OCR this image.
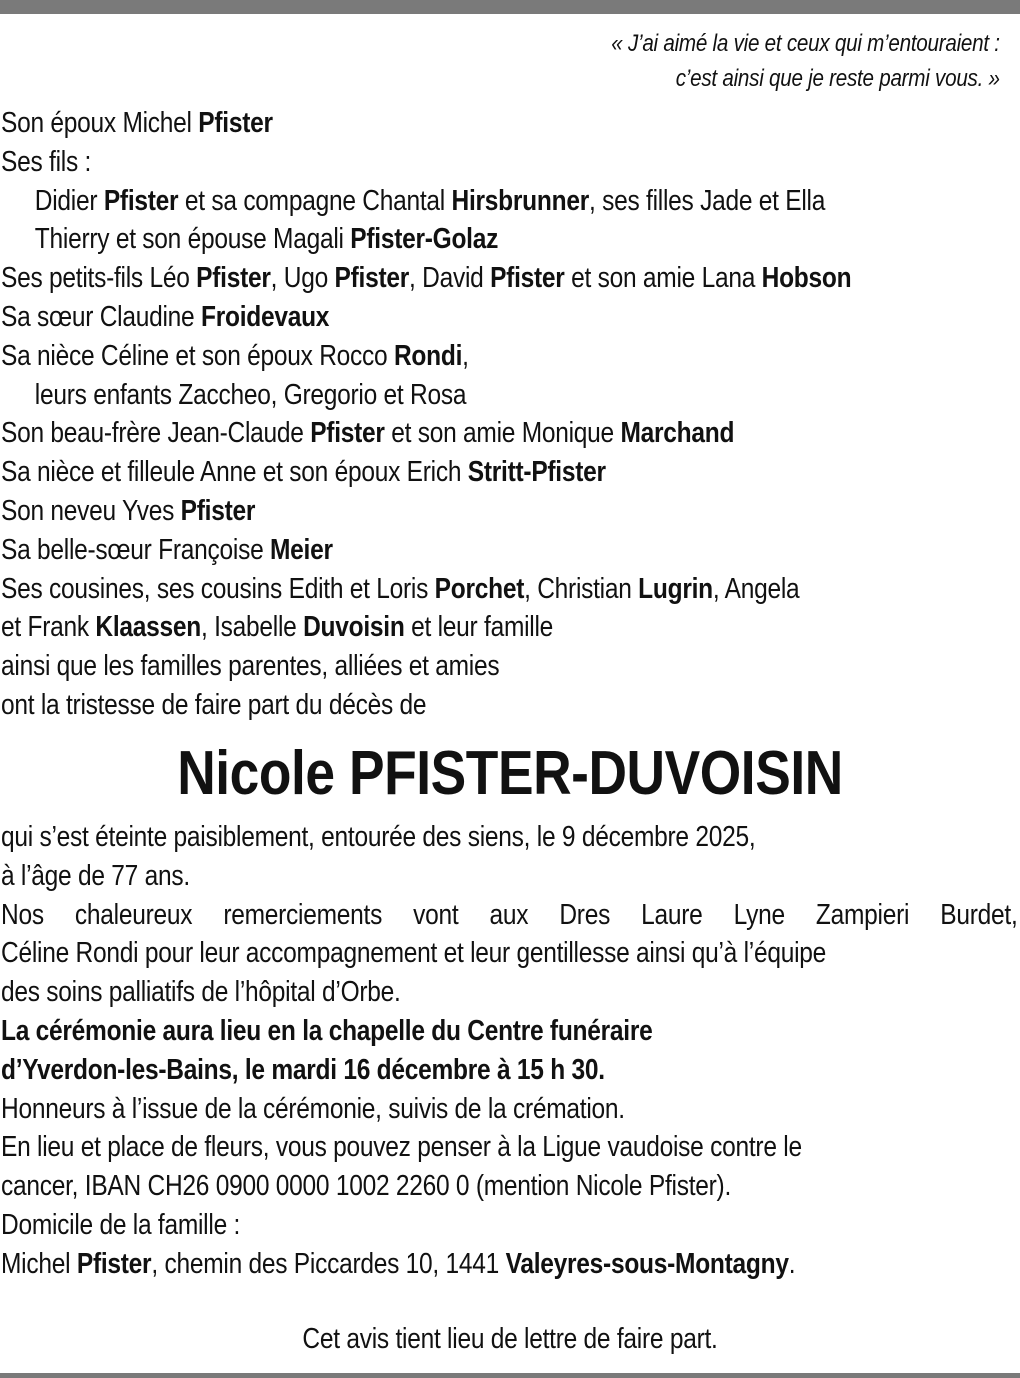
« J’ai aimé la vie et ceux qui m’entouraient :
c’est ainsi que je reste parmi vous. »
Son époux Michel Pfister
Ses fils :
Didier Pfister et sa compagne Chantal Hirsbrunner, ses filles Jade et Ella
Thierry et son épouse Magali Pfister-Golaz
Ses petits-fils Léo Pfister, Ugo Pfister, David Pfister et son amie Lana Hobson
Sa sœur Claudine Froidevaux
Sa nièce Céline et son époux Rocco Rondi,
leurs enfants Zaccheo, Gregorio et Rosa
Son beau-frère Jean-Claude Pfister et son amie Monique Marchand
Sa nièce et filleule Anne et son époux Erich Stritt-Pfister
Son neveu Yves Pfister
Sa belle-sœur Françoise Meier
Ses cousines, ses cousins Edith et Loris Porchet, Christian Lugrin, Angela
et Frank Klaassen, Isabelle Duvoisin et leur famille
ainsi que les familles parentes, alliées et amies
ont la tristesse de faire part du décès de
Nicole PFISTER-DUVOISIN
qui s’est éteinte paisiblement, entourée des siens, le 9 décembre 2025,
à l’âge de 77 ans.
Nos chaleureux remerciements vont aux Dres Laure Lyne Zampieri Burdet,
Céline Rondi pour leur accompagnement et leur gentillesse ainsi qu’à l’équipe
des soins palliatifs de l’hôpital d’Orbe.
La cérémonie aura lieu en la chapelle du Centre funéraire
d’Yverdon-les-Bains, le mardi 16 décembre à 15 h 30.
Honneurs à l’issue de la cérémonie, suivis de la crémation.
En lieu et place de fleurs, vous pouvez penser à la Ligue vaudoise contre le
cancer, IBAN CH26 0900 0000 1002 2260 0 (mention Nicole Pfister).
Domicile de la famille :
Michel Pfister, chemin des Piccardes 10, 1441 Valeyres-sous-Montagny.
Cet avis tient lieu de lettre de faire part.
